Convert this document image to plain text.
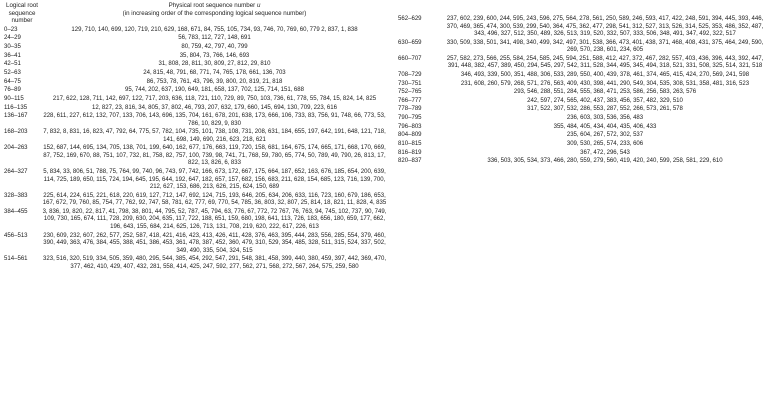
Logical root
sequence number
Physical root sequence number u
(in increasing order of the corresponding logical sequence number)
0–23	129, 710, 140, 699, 120, 719, 210, 629, 168, 671, 84, 755, 105, 734, 93, 746, 70, 769, 60, 779 2, 837, 1, 838
24–29	56, 783, 112, 727, 148, 691
30–35	80, 759, 42, 797, 40, 799
36–41	35, 804, 73, 766, 146, 693
42–51	31, 808, 28, 811, 30, 809, 27, 812, 29, 810
52–63	24, 815, 48, 791, 68, 771, 74, 765, 178, 661, 136, 703
64–75	86, 753, 78, 761, 43, 796, 39, 800, 20, 819, 21, 818
76–89	95, 744, 202, 637, 190, 649, 181, 658, 137, 702, 125, 714, 151, 688
90–115	217, 622, 128, 711, 142, 697, 122, 717, 203, 636, 118, 721, 110, 729, 89, 750, 103, 736, 61, 778, 55, 784, 15, 824, 14, 825
116–135	12, 827, 23, 816, 34, 805, 37, 802, 46, 793, 207, 632, 179, 660, 145, 694, 130, 709, 223, 616
136–167	228, 611, 227, 612, 132, 707, 133, 706, 143, 696, 135, 704, 161, 678, 201, 638, 173, 666, 106, 733, 83, 756, 91, 748, 66, 773, 53, 786, 10, 829, 9, 830
168–203	7, 832, 8, 831, 16, 823, 47, 792, 64, 775, 57, 782, 104, 735, 101, 738, 108, 731, 208, 631, 184, 655, 197, 642, 191, 648, 121, 718, 141, 698, 149, 690, 216, 623, 218, 621
204–263	152, 687, 144, 695, 134, 705, 138, 701, 199, 640, 162, 677, 176, 663, 119, 720, 158, 681, 164, 675, 174, 665, 171, 668, 170, 669, 87, 752, 169, 670, 88, 751, 107, 732, 81, 758, 82, 757, 100, 739, 98, 741, 71, 768, 59, 780, 65, 774, 50, 789, 49, 790, 26, 813, 17, 822, 13, 826, 6, 833
264–327	5, 834, 33, 806, 51, 788, 75, 764, 99, 740, 96, 743, 97, 742, 166, 673, 172, 667, 175, 664, 187, 652, 163, 676, 185, 654, 200, 639, 114, 725, 189, 650, 115, 724, 194, 645, 195, 644, 192, 647, 182, 657, 157, 682, 156, 683, 211, 628, 154, 685, 123, 716, 139, 700, 212, 627, 153, 686, 213, 626, 215, 624, 150, 689
328–383	225, 614, 224, 615, 221, 618, 220, 619, 127, 712, 147, 692, 124, 715, 193, 646, 205, 634, 206, 633, 116, 723, 160, 679, 186, 653, 167, 672, 79, 760, 85, 754, 77, 762, 92, 747, 58, 781, 62, 777, 69, 770, 54, 785, 36, 803, 32, 807, 25, 814, 18, 821, 11, 828, 4, 835
384–455	3, 836, 19, 820, 22, 817, 41, 798, 38, 801, 44, 795, 52, 787, 45, 794, 63, 776, 67, 772, 72 767, 76, 763, 94, 745, 102, 737, 90, 749, 109, 730, 165, 674, 111, 728, 209, 630, 204, 635, 117, 722, 188, 651, 159, 680, 198, 641, 113, 726, 183, 656, 180, 659, 177, 662, 196, 643, 155, 684, 214, 625, 126, 713, 131, 708, 219, 620, 222, 617, 226, 613
456–513	230, 609, 232, 607, 262, 577, 252, 587, 418, 421, 416, 423, 413, 426, 411, 428, 376, 463, 395, 444, 283, 556, 285, 554, 379, 460, 390, 449, 363, 476, 384, 455, 388, 451, 386, 453, 361, 478, 387, 452, 360, 479, 310, 529, 354, 485, 328, 511, 315, 524, 337, 502, 349, 490, 335, 504, 324, 515
514–561	323, 516, 320, 519, 334, 505, 359, 480, 295, 544, 385, 454, 292, 547, 291, 548, 381, 458, 399, 440, 380, 459, 397, 442, 369, 470, 377, 462, 410, 429, 407, 432, 281, 558, 414, 425, 247, 592, 277, 562, 271, 568, 272, 567, 264, 575, 259, 580
562–629	237, 602, 239, 600, 244, 595, 243, 596, 275, 564, 278, 561, 250, 589, 246, 593, 417, 422, 248, 591, 394, 445, 393, 446, 370, 469, 365, 474, 300, 539, 299, 540, 364, 475, 362, 477, 298, 541, 312, 527, 313, 526, 314, 525, 353, 486, 352, 487, 343, 496, 327, 512, 350, 489, 326, 513, 319, 520, 332, 507, 333, 506, 348, 491, 347, 492, 322, 517
630–659	330, 509, 338, 501, 341, 498, 340, 499, 342, 497, 301, 538, 366, 473, 401, 438, 371, 468, 408, 431, 375, 464, 249, 590, 269, 570, 238, 601, 234, 605
660–707	257, 582, 273, 566, 255, 584, 254, 585, 245, 594, 251, 588, 412, 427, 372, 467, 282, 557, 403, 436, 396, 443, 392, 447, 391, 448, 382, 457, 389, 450, 294, 545, 297, 542, 311, 528, 344, 495, 345, 494, 318, 521, 331, 508, 325, 514, 321, 518
708–729	346, 493, 339, 500, 351, 488, 306, 533, 289, 550, 400, 439, 378, 461, 374, 465, 415, 424, 270, 569, 241, 598
730–751	231, 608, 260, 579, 268, 571, 276, 563, 409, 430, 398, 441, 290, 549, 304, 535, 308, 531, 358, 481, 316, 523
752–765	293, 546, 288, 551, 284, 555, 368, 471, 253, 586, 256, 583, 263, 576
766–777	242, 597, 274, 565, 402, 437, 383, 456, 357, 482, 329, 510
778–789	317, 522, 307, 532, 286, 553, 287, 552, 266, 573, 261, 578
790–795	236, 603, 303, 536, 356, 483
796–803	355, 484, 405, 434, 404, 435, 406, 433
804–809	235, 604, 267, 572, 302, 537
810–815	309, 530, 265, 574, 233, 606
816–819	367, 472, 296, 543
820–837	336, 503, 305, 534, 373, 466, 280, 559, 279, 560, 419, 420, 240, 599, 258, 581, 229, 610
